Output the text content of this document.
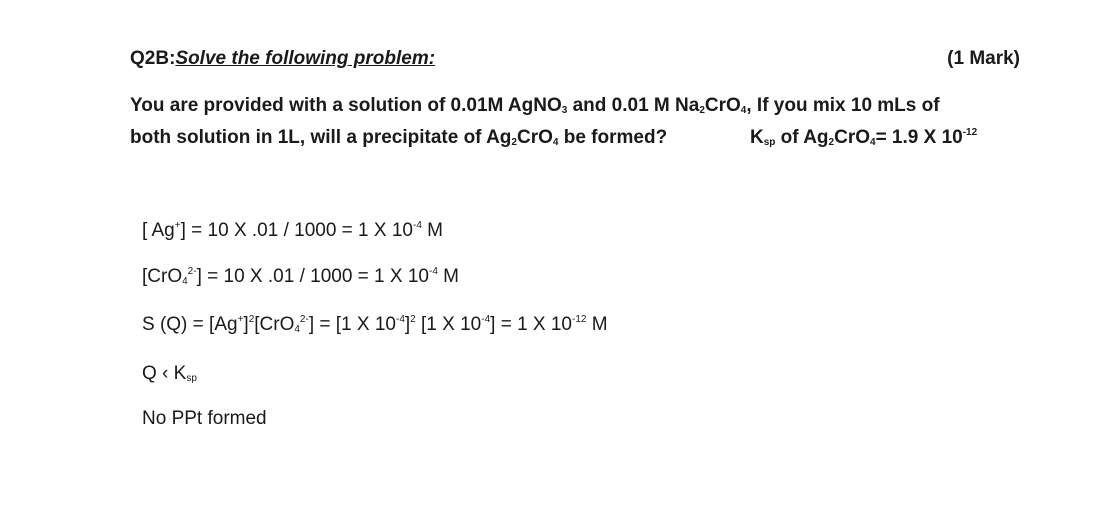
Q2B:Solve the following problem:	(1 Mark)
You are provided with a solution of 0.01M AgNO$_3$ and 0.01 M $Na_2CrO_4$, If you mix 10 mLs of
both solution in 1L, will a precipitate of $Ag_2CrO_4$ be formed?	$K_{sp}$ of $Ag_2CrO_4= 1.9$ X $10^{-12}$
[ Ag+] = 10 X .01 / 1000 = 1 X $10^{-4}$ M
[CrO$_4^{2-}$] = 10 X .01 / 1000 = 1 X $10^{-4}$ M
S $(Q) = [Ag^+]^2[CrO_4^{2-}] = [1$ X $10^{-4}]^2$ [1 X $10^{-4}] = 1$ X $10^{-12}$ M
Q ‹ $K_{sp}$
No PPt formed
